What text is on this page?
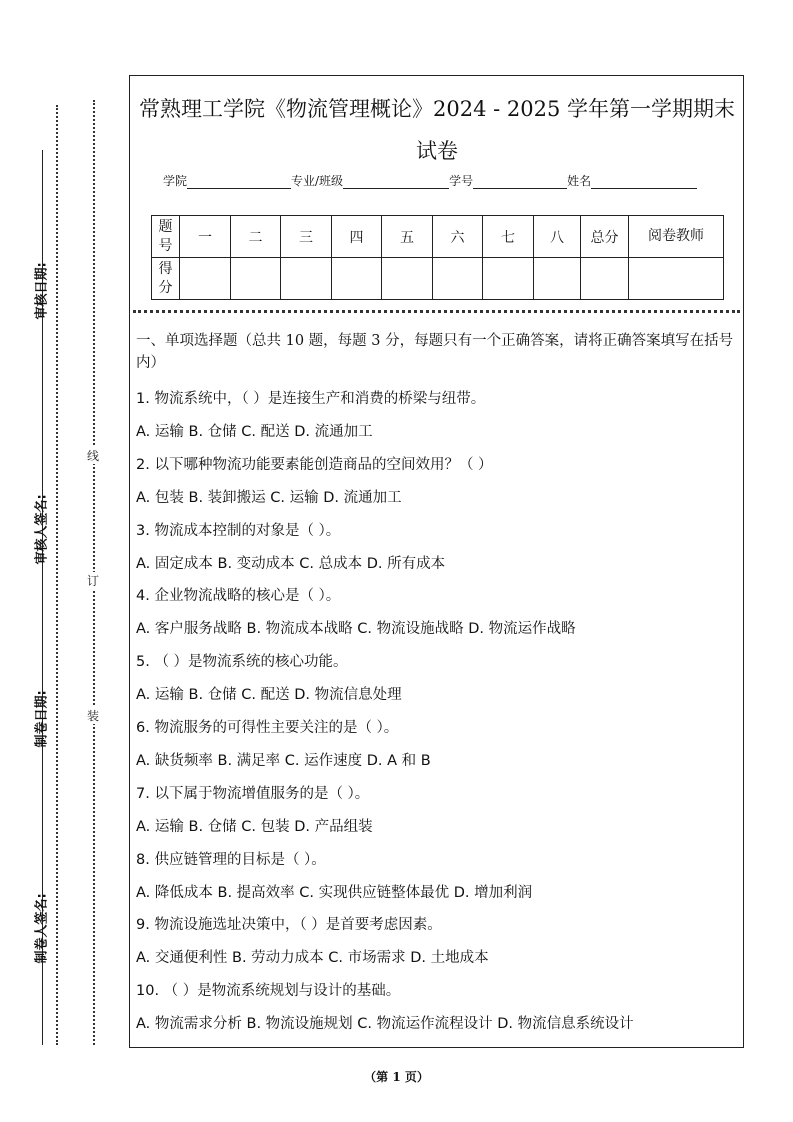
审核日期:
审核人签名:
制卷日期:
制卷人签名:
线
订
装
常熟理工学院《物流管理概论》2024 - 2025 学年第一学期期末试卷
学院	专业/班级	学号	姓名
题号	一	二	三	四	五	六	七	八	总分	阅卷教师
得分										
一、单项选择题（总共 10 题，每题 3 分，每题只有一个正确答案，请将正确答案填写在括号内）
1. 物流系统中，（ ）是连接生产和消费的桥梁与纽带。
A. 运输 B. 仓储 C. 配送 D. 流通加工
2. 以下哪种物流功能要素能创造商品的空间效用？（ ）
A. 包装 B. 装卸搬运 C. 运输 D. 流通加工
3. 物流成本控制的对象是（ ）。
A. 固定成本 B. 变动成本 C. 总成本 D. 所有成本
4. 企业物流战略的核心是（ ）。
A. 客户服务战略 B. 物流成本战略 C. 物流设施战略 D. 物流运作战略
5. （ ）是物流系统的核心功能。
A. 运输 B. 仓储 C. 配送 D. 物流信息处理
6. 物流服务的可得性主要关注的是（ ）。
A. 缺货频率 B. 满足率 C. 运作速度 D. A 和 B
7. 以下属于物流增值服务的是（ ）。
A. 运输 B. 仓储 C. 包装 D. 产品组装
8. 供应链管理的目标是（ ）。
A. 降低成本 B. 提高效率 C. 实现供应链整体最优 D. 增加利润
9. 物流设施选址决策中，（ ）是首要考虑因素。
A. 交通便利性 B. 劳动力成本 C. 市场需求 D. 土地成本
10. （ ）是物流系统规划与设计的基础。
A. 物流需求分析 B. 物流设施规划 C. 物流运作流程设计 D. 物流信息系统设计
（第 1 页）
